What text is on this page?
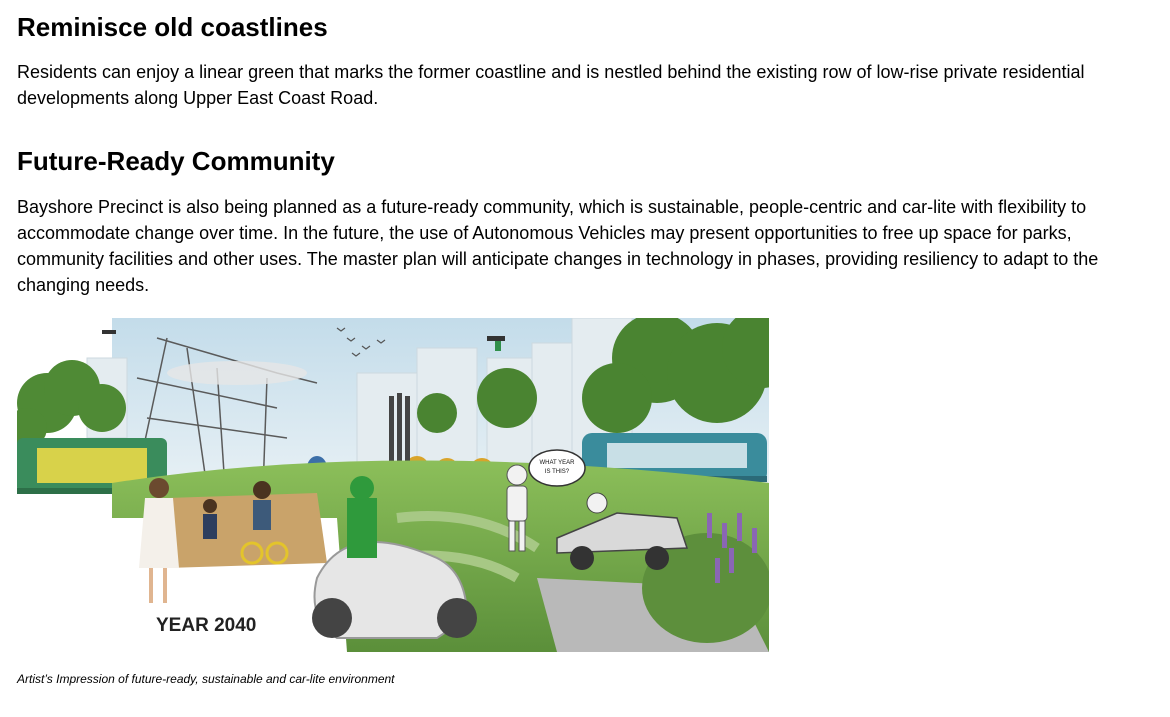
Reminisce old coastlines

Residents can enjoy a linear green that marks the former coastline and is nestled behind the existing row of low-rise private residential developments along Upper East Coast Road.

Future-Ready Community

Bayshore Precinct is also being planned as a future-ready community, which is sustainable, people-centric and car-lite with flexibility to accommodate change over time. In the future, the use of Autonomous Vehicles may present opportunities to free up space for parks, community facilities and other uses. The master plan will anticipate changes in technology in phases, providing resiliency to adapt to the changing needs.

WHAT YEAR
IS THIS?
YEAR 2040
Artist’s Impression of future-ready, sustainable and car-lite environment
